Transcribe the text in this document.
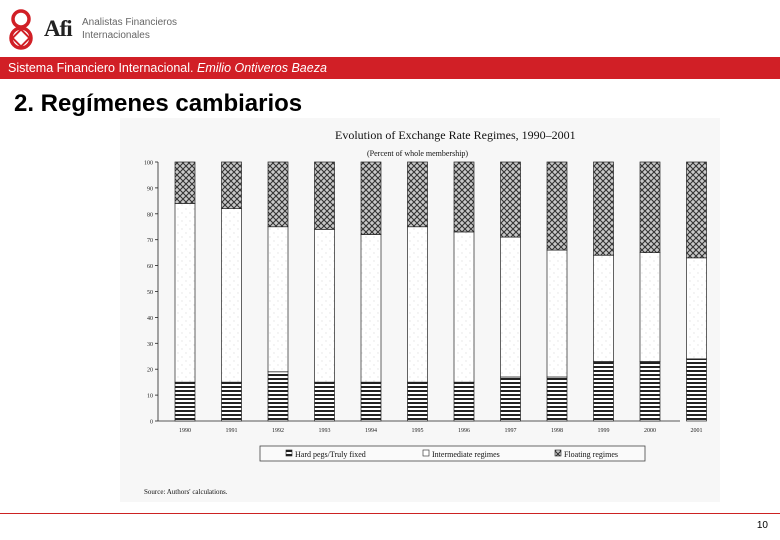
Afi Analistas Financieros
Internacionales
Sistema Financiero Internacional. Emilio Ontiveros Baeza
2. Regímenes cambiarios
Evolution of Exchange Rate Regimes, 1990–2001
(Percent of whole membership)
0
10
20
30
40
50
60
70
80
90
100
1990	1991	1992	1993	1994	1995	1996	1997	1998	1999	2000	2001
Hard pegs/Truly fixed	Intermediate regimes	Floating regimes
Source: Authors' calculations.
10
